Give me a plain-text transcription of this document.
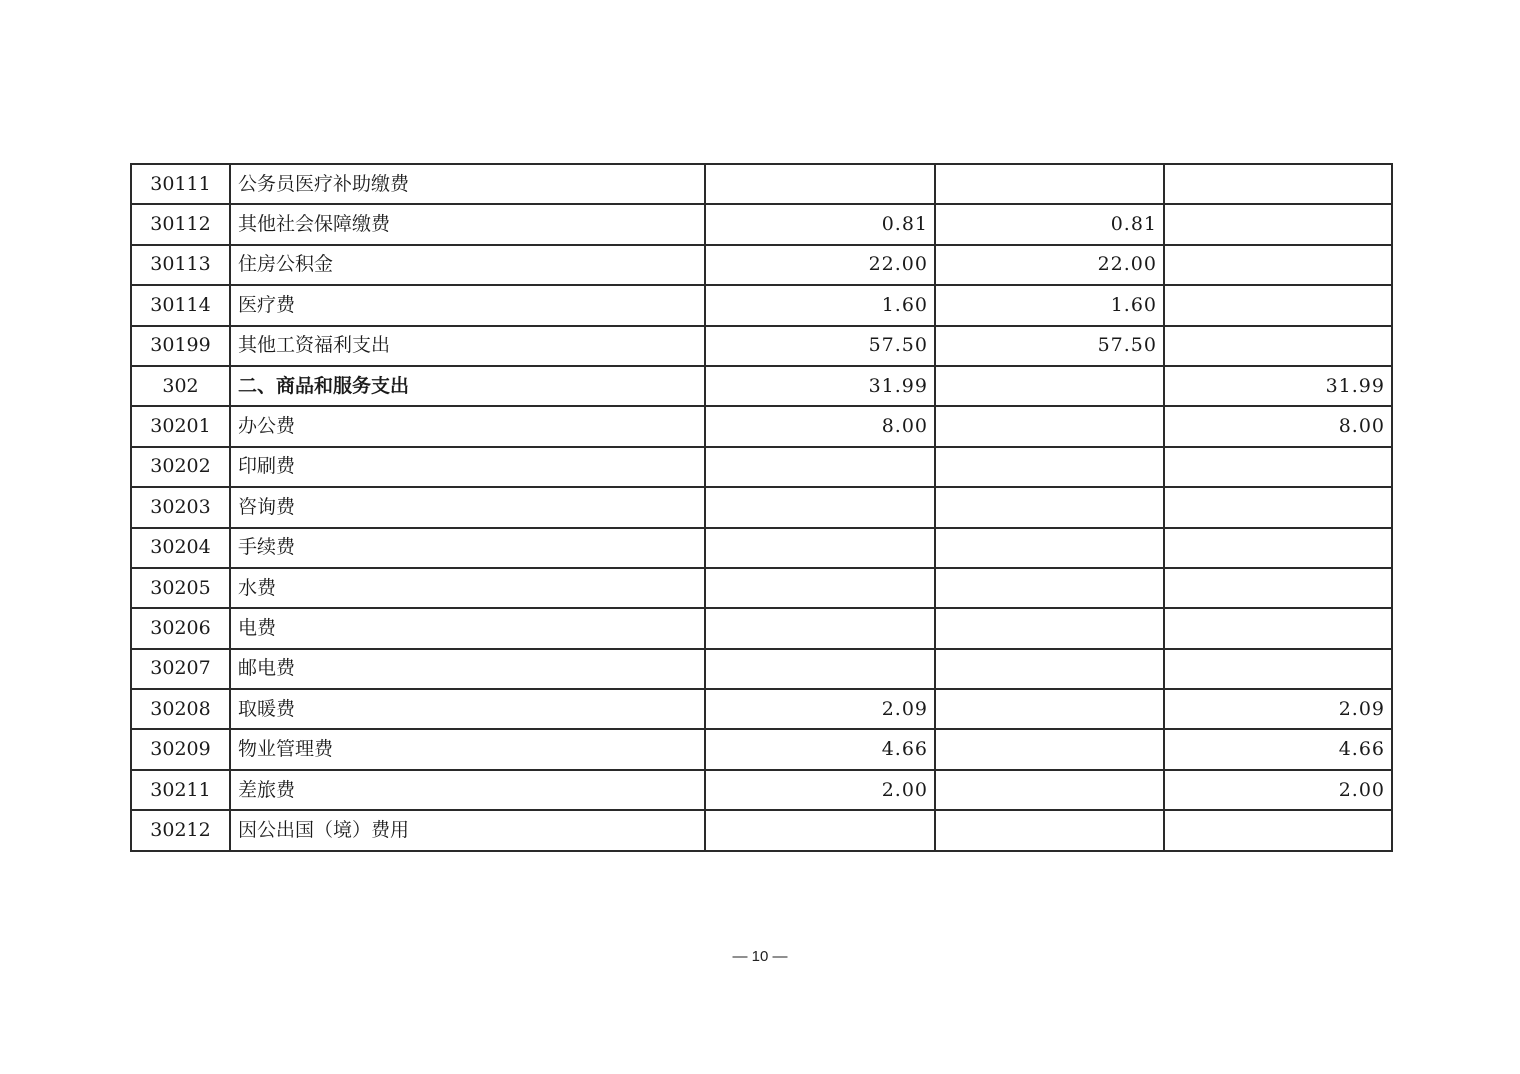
30111	公务员医疗补助缴费			
30112	其他社会保障缴费	0.81	0.81	
30113	住房公积金	22.00	22.00	
30114	医疗费	1.60	1.60	
30199	其他工资福利支出	57.50	57.50	
302	二、商品和服务支出	31.99		31.99
30201	办公费	8.00		8.00
30202	印刷费			
30203	咨询费			
30204	手续费			
30205	水费			
30206	电费			
30207	邮电费			
30208	取暖费	2.09		2.09
30209	物业管理费	4.66		4.66
30211	差旅费	2.00		2.00
30212	因公出国（境）费用			
— 10 —
